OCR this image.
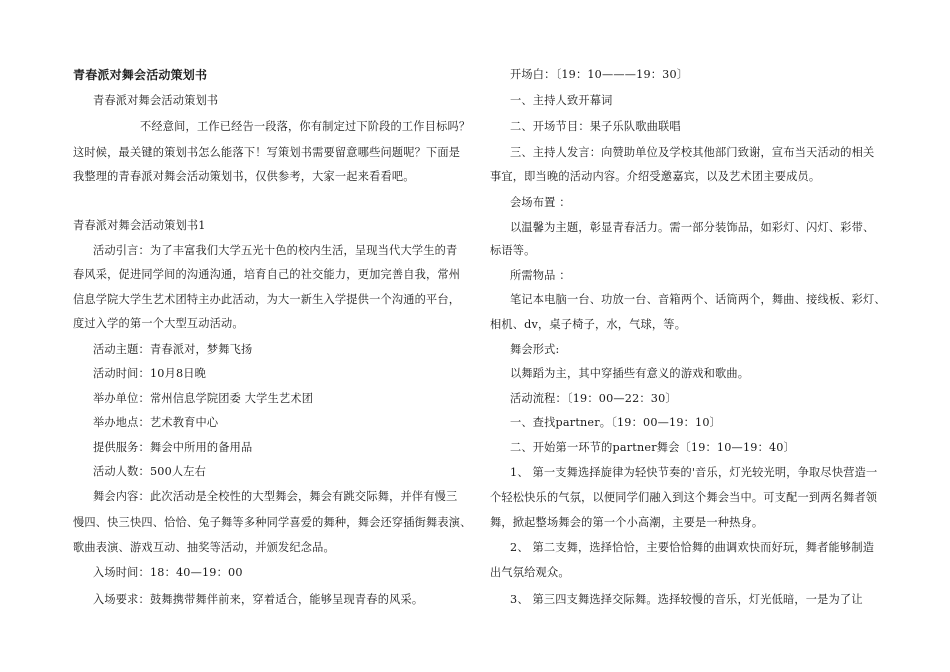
青春派对舞会活动策划书
青春派对舞会活动策划书
不经意间，工作已经告一段落，你有制定过下阶段的工作目标吗？
这时候，最关键的策划书怎么能落下！写策划书需要留意哪些问题呢？下面是
我整理的青春派对舞会活动策划书，仅供参考，大家一起来看看吧。
青春派对舞会活动策划书1
活动引言：为了丰富我们大学五光十色的校内生活，呈现当代大学生的青
春风采，促进同学间的沟通沟通，培育自己的社交能力，更加完善自我，常州
信息学院大学生艺术团特主办此活动，为大一新生入学提供一个沟通的平台，
度过入学的第一个大型互动活动。
活动主题：青春派对，梦舞飞扬
活动时间：10月8日晚
举办单位：常州信息学院团委 大学生艺术团
举办地点：艺术教育中心
提供服务：舞会中所用的备用品
活动人数：500人左右
舞会内容：此次活动是全校性的大型舞会，舞会有跳交际舞，并伴有慢三
慢四、快三快四、恰恰、兔子舞等多种同学喜爱的舞种，舞会还穿插街舞表演、
歌曲表演、游戏互动、抽奖等活动，并颁发纪念品。
入场时间：18：40—19：00
入场要求：鼓舞携带舞伴前来，穿着适合，能够呈现青春的风采。
开场白：〔19：10———19：30〕
一、主持人致开幕词
二、开场节目：果子乐队歌曲联唱
三、主持人发言：向赞助单位及学校其他部门致谢，宣布当天活动的相关
事宜，即当晚的活动内容。介绍受邀嘉宾，以及艺术团主要成员。
会场布置 ：
以温馨为主题，彰显青春活力。需一部分装饰品，如彩灯、闪灯、彩带、
标语等。
所需物品 ：
笔记本电脑一台、功放一台、音箱两个、话筒两个，舞曲、接线板、彩灯、
相机、dv，桌子椅子，水，气球，等。
舞会形式:
以舞蹈为主，其中穿插些有意义的游戏和歌曲。
活动流程：〔19：00—22：30〕
一、查找partner。〔19：00—19：10〕
二、开始第一环节的partner舞会〔19：10—19：40〕
1、 第一支舞选择旋律为轻快节奏的'音乐，灯光较光明，争取尽快营造一
个轻松快乐的气氛，以便同学们融入到这个舞会当中。可支配一到两名舞者领
舞，掀起整场舞会的第一个小高潮，主要是一种热身。
2、 第二支舞，选择恰恰，主要恰恰舞的曲调欢快而好玩，舞者能够制造
出气氛给观众。
3、 第三四支舞选择交际舞。选择较慢的音乐，灯光低暗，一是为了让
